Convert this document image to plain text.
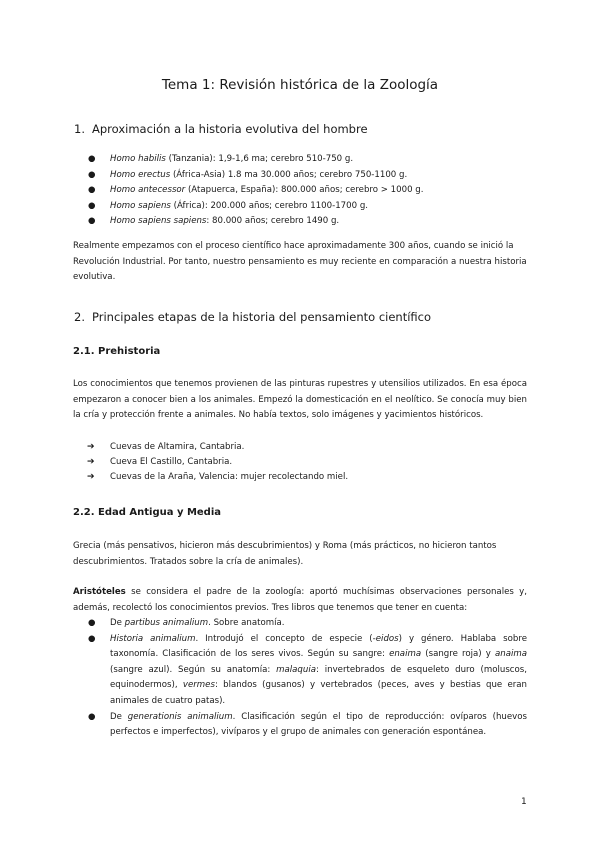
Tema 1: Revisión histórica de la Zoología
1. Aproximación a la historia evolutiva del hombre
● Homo habilis (Tanzania): 1,9-1,6 ma; cerebro 510-750 g.
● Homo erectus (África-Asia) 1.8 ma 30.000 años; cerebro 750-1100 g.
● Homo antecessor (Atapuerca, España): 800.000 años; cerebro > 1000 g.
● Homo sapiens (África): 200.000 años; cerebro 1100-1700 g.
● Homo sapiens sapiens: 80.000 años; cerebro 1490 g.
Realmente empezamos con el proceso científico hace aproximadamente 300 años, cuando se inició la Revolución Industrial. Por tanto, nuestro pensamiento es muy reciente en comparación a nuestra historia evolutiva.
2. Principales etapas de la historia del pensamiento científico
2.1. Prehistoria
Los conocimientos que tenemos provienen de las pinturas rupestres y utensilios utilizados. En esa época empezaron a conocer bien a los animales. Empezó la domesticación en el neolítico. Se conocía muy bien la cría y protección frente a animales. No había textos, solo imágenes y yacimientos históricos.
➔ Cuevas de Altamira, Cantabria.
➔ Cueva El Castillo, Cantabria.
➔ Cuevas de la Araña, Valencia: mujer recolectando miel.
2.2. Edad Antigua y Media
Grecia (más pensativos, hicieron más descubrimientos) y Roma (más prácticos, no hicieron tantos descubrimientos. Tratados sobre la cría de animales).
Aristóteles se considera el padre de la zoología: aportó muchísimas observaciones personales y, además, recolectó los conocimientos previos. Tres libros que tenemos que tener en cuenta:
● De partibus animalium. Sobre anatomía.
● Historia animalium. Introdujó el concepto de especie (-eidos) y género. Hablaba sobre taxonomía. Clasificación de los seres vivos. Según su sangre: enaima (sangre roja) y anaima (sangre azul). Según su anatomía: malaquia: invertebrados de esqueleto duro (moluscos, equinodermos), vermes: blandos (gusanos) y vertebrados (peces, aves y bestias que eran animales de cuatro patas).
● De generationis animalium. Clasificación según el tipo de reproducción: ovíparos (huevos perfectos e imperfectos), vivíparos y el grupo de animales con generación espontánea.
1
